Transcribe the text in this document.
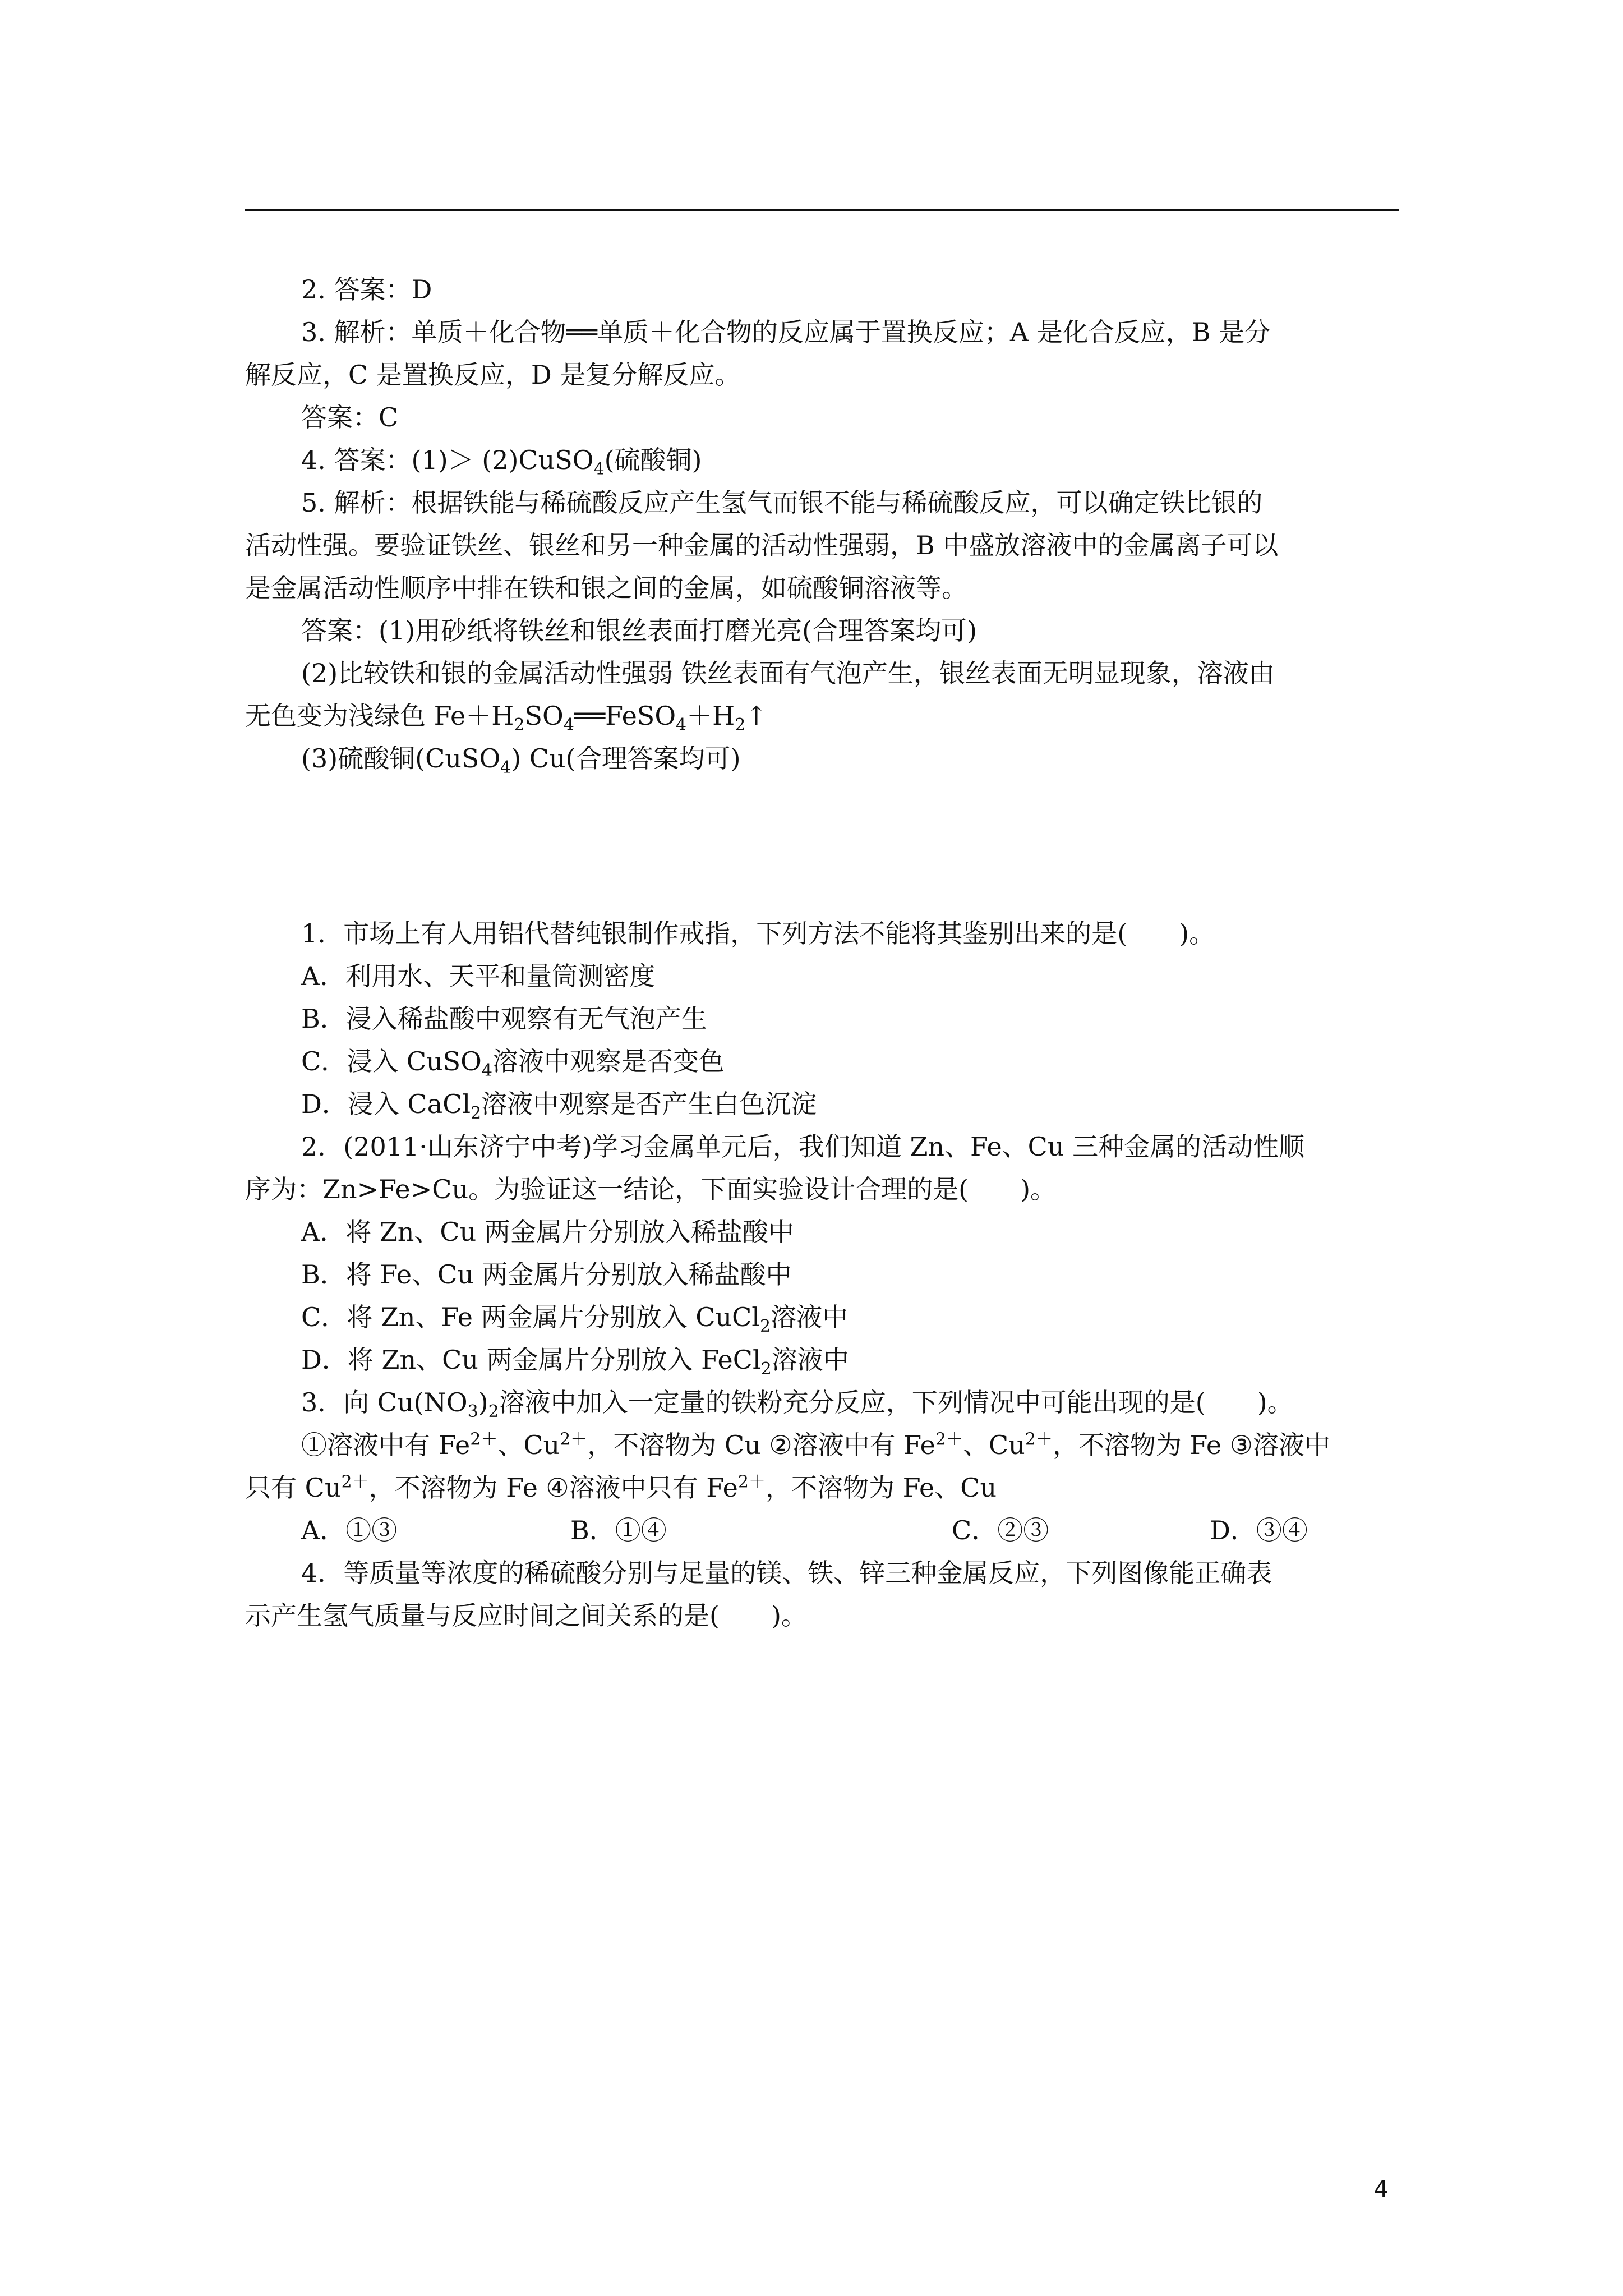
2. 答案：D

3. 解析：单质＋化合物══单质＋化合物的反应属于置换反应；A 是化合反应，B 是分

解反应，C 是置换反应，D 是复分解反应。

答案：C

4. 答案：(1)＞ (2)CuSO$_4$(硫酸铜)

5. 解析：根据铁能与稀硫酸反应产生氢气而银不能与稀硫酸反应，可以确定铁比银的

活动性强。要验证铁丝、银丝和另一种金属的活动性强弱，B 中盛放溶液中的金属离子可以

是金属活动性顺序中排在铁和银之间的金属，如硫酸铜溶液等。

答案：(1)用砂纸将铁丝和银丝表面打磨光亮(合理答案均可)

(2)比较铁和银的金属活动性强弱 铁丝表面有气泡产生，银丝表面无明显现象，溶液由

无色变为浅绿色 $Fe+H_2SO_4══FeSO_4+H_2↑$

(3)硫酸铜(CuSO$_4$) Cu(合理答案均可)

1．市场上有人用铝代替纯银制作戒指，下列方法不能将其鉴别出来的是(　　)。

A．利用水、天平和量筒测密度

B．浸入稀盐酸中观察有无气泡产生

C．浸入 CuSO$_4$溶液中观察是否变色

D．浸入 CaCl$_2$溶液中观察是否产生白色沉淀

2．(2011·山东济宁中考)学习金属单元后，我们知道 Zn、Fe、Cu 三种金属的活动性顺

序为：Zn>Fe>Cu。为验证这一结论，下面实验设计合理的是(　　)。

A．将 Zn、Cu 两金属片分别放入稀盐酸中

B．将 Fe、Cu 两金属片分别放入稀盐酸中

C．将 Zn、Fe 两金属片分别放入 CuCl$_2$溶液中

D．将 Zn、Cu 两金属片分别放入 FeCl$_2$溶液中

3．向 $Cu(NO_3)_2$溶液中加入一定量的铁粉充分反应，下列情况中可能出现的是(　　)。

①溶液中有 $Fe^{2+}$、$Cu^{2+}$，不溶物为 Cu ②溶液中有 $Fe^{2+}$、$Cu^{2+}$，不溶物为 Fe ③溶液中

只有 $Cu^{2+}$，不溶物为 Fe ④溶液中只有 $Fe^{2+}$，不溶物为 Fe、Cu

A．①③	B．①④	C．②③	D．③④

4．等质量等浓度的稀硫酸分别与足量的镁、铁、锌三种金属反应，下列图像能正确表

示产生氢气质量与反应时间之间关系的是(　　)。

4
